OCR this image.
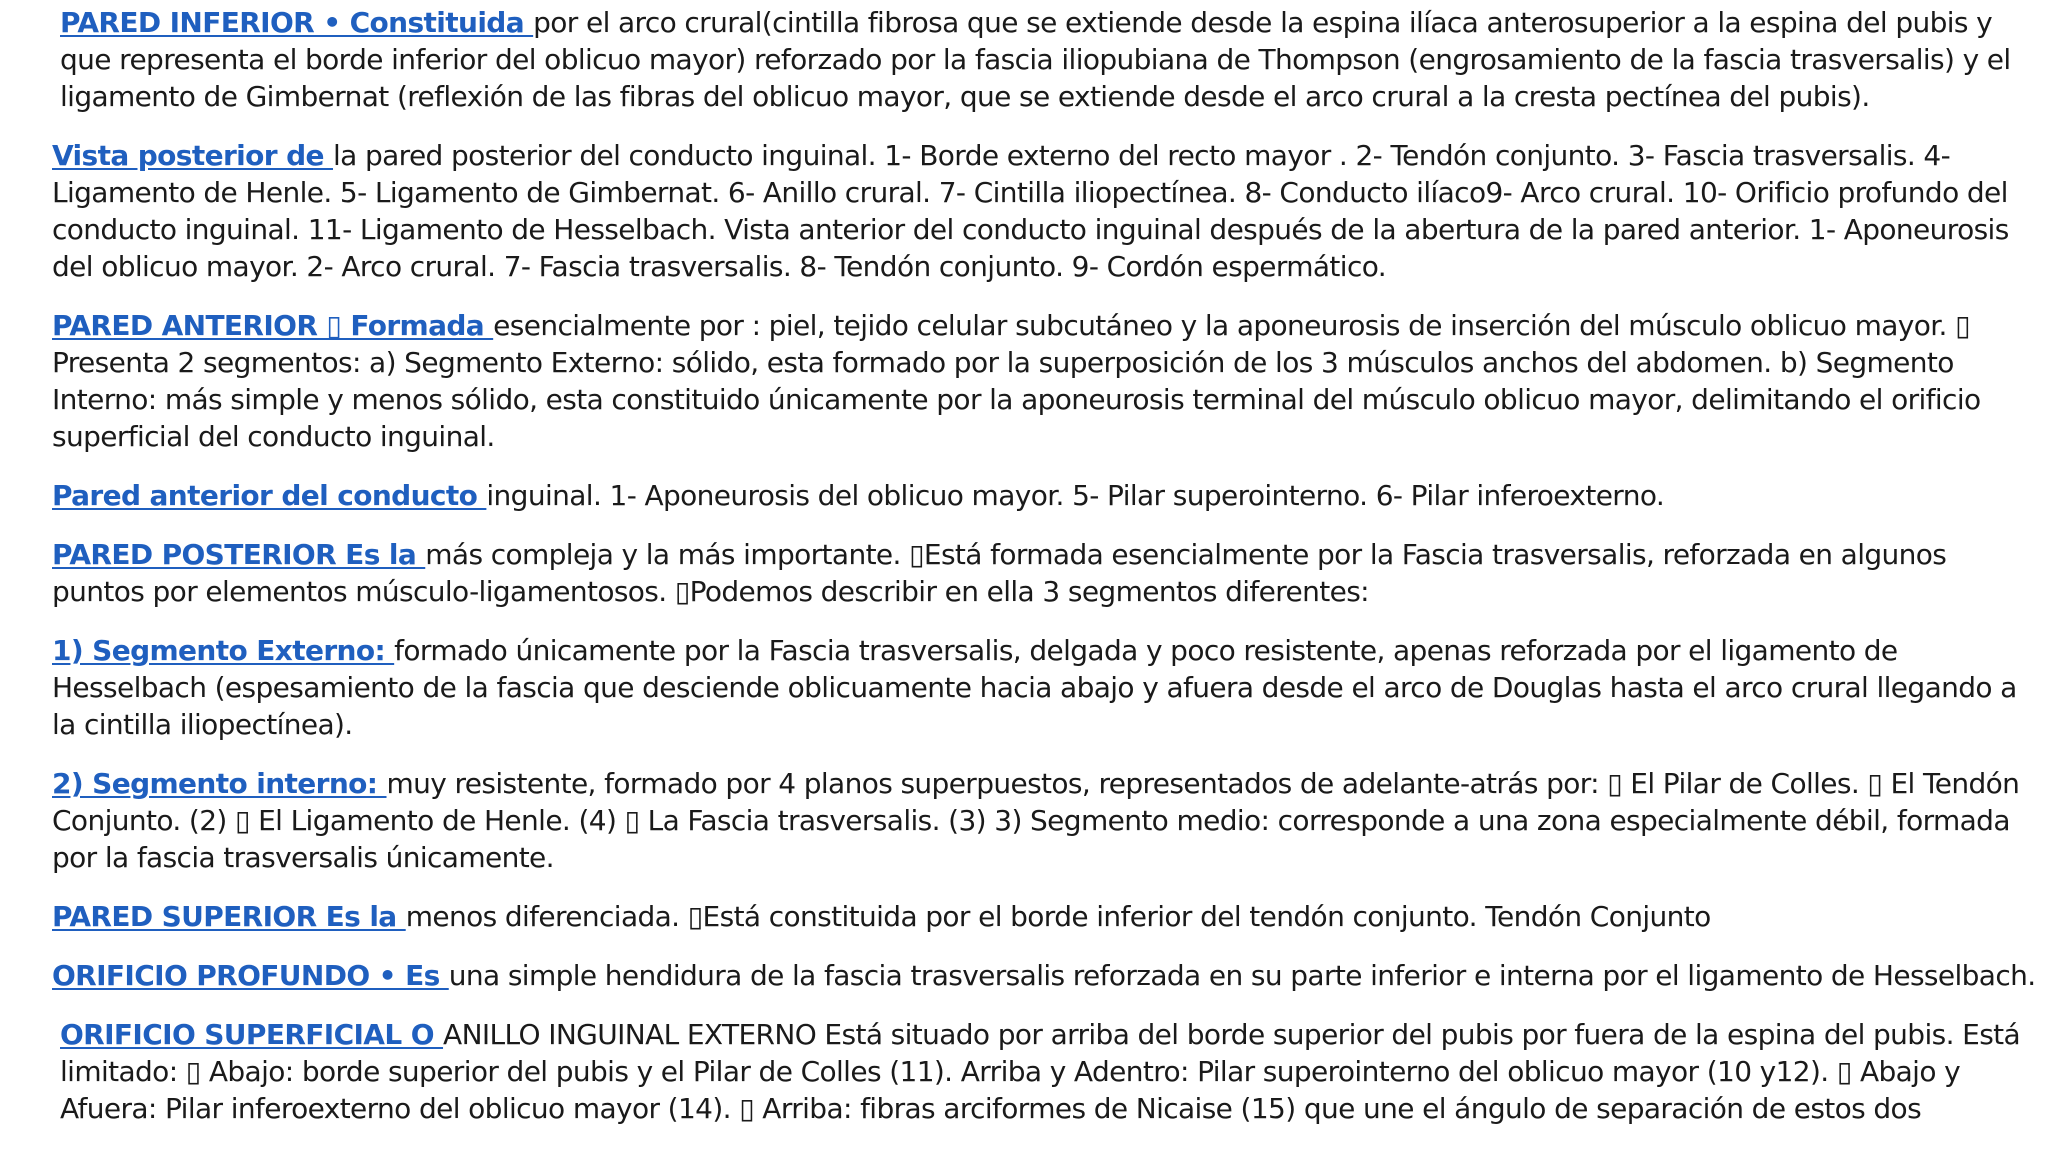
PARED INFERIOR • Constituida por el arco crural(cintilla fibrosa que se extiende desde la espina ilíaca anterosuperior a la espina del pubis y que representa el borde inferior del oblicuo mayor) reforzado por la fascia iliopubiana de Thompson (engrosamiento de la fascia trasversalis) y el ligamento de Gimbernat (reflexión de las fibras del oblicuo mayor, que se extiende desde el arco crural a la cresta pectínea del pubis).

Vista posterior de la pared posterior del conducto inguinal. 1- Borde externo del recto mayor . 2- Tendón conjunto. 3- Fascia trasversalis. 4- Ligamento de Henle. 5- Ligamento de Gimbernat. 6- Anillo crural. 7- Cintilla iliopectínea. 8- Conducto ilíaco9- Arco crural. 10- Orificio profundo del conducto inguinal. 11- Ligamento de Hesselbach. Vista anterior del conducto inguinal después de la abertura de la pared anterior. 1- Aponeurosis del oblicuo mayor. 2- Arco crural. 7- Fascia trasversalis. 8- Tendón conjunto. 9- Cordón espermático.

PARED ANTERIOR ▯ Formada esencialmente por : piel, tejido celular subcutáneo y la aponeurosis de inserción del músculo oblicuo mayor. ▯ Presenta 2 segmentos: a) Segmento Externo: sólido, esta formado por la superposición de los 3 músculos anchos del abdomen. b) Segmento Interno: más simple y menos sólido, esta constituido únicamente por la aponeurosis terminal del músculo oblicuo mayor, delimitando el orificio superficial del conducto inguinal.

Pared anterior del conducto inguinal. 1- Aponeurosis del oblicuo mayor. 5- Pilar superointerno. 6- Pilar inferoexterno.

PARED POSTERIOR Es la más compleja y la más importante. ▯Está formada esencialmente por la Fascia trasversalis, reforzada en algunos puntos por elementos músculo-ligamentosos. ▯Podemos describir en ella 3 segmentos diferentes:

1) Segmento Externo: formado únicamente por la Fascia trasversalis, delgada y poco resistente, apenas reforzada por el ligamento de Hesselbach (espesamiento de la fascia que desciende oblicuamente hacia abajo y afuera desde el arco de Douglas hasta el arco crural llegando a la cintilla iliopectínea).

2) Segmento interno: muy resistente, formado por 4 planos superpuestos, representados de adelante-atrás por: ▯ El Pilar de Colles. ▯ El Tendón Conjunto. (2) ▯ El Ligamento de Henle. (4) ▯ La Fascia trasversalis. (3) 3) Segmento medio: corresponde a una zona especialmente débil, formada por la fascia trasversalis únicamente.

PARED SUPERIOR Es la menos diferenciada. ▯Está constituida por el borde inferior del tendón conjunto. Tendón Conjunto

ORIFICIO PROFUNDO • Es una simple hendidura de la fascia trasversalis reforzada en su parte inferior e interna por el ligamento de Hesselbach.

ORIFICIO SUPERFICIAL O ANILLO INGUINAL EXTERNO Está situado por arriba del borde superior del pubis por fuera de la espina del pubis. Está limitado: ▯ Abajo: borde superior del pubis y el Pilar de Colles (11). Arriba y Adentro: Pilar superointerno del oblicuo mayor (10 y12). ▯ Abajo y Afuera: Pilar inferoexterno del oblicuo mayor (14). ▯ Arriba: fibras arciformes de Nicaise (15) que une el ángulo de separación de estos dos
